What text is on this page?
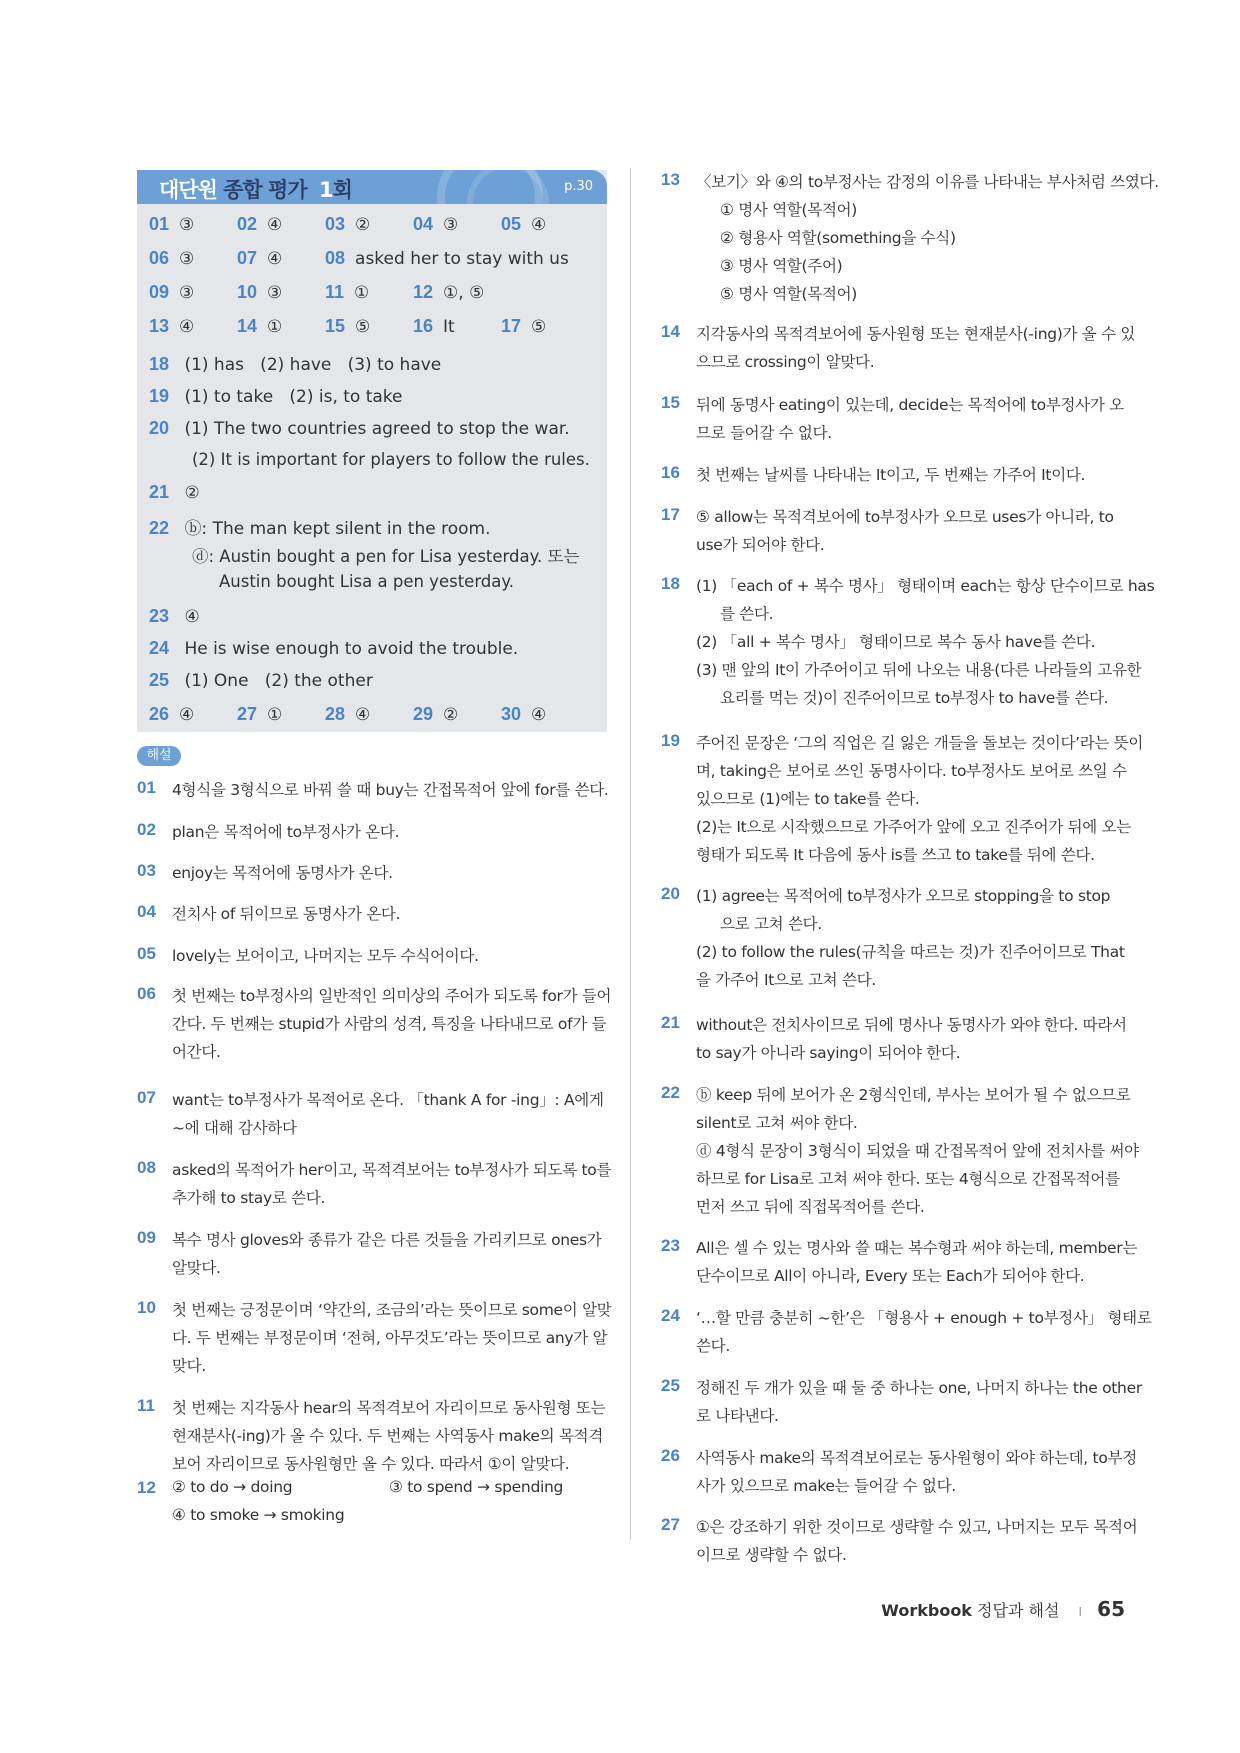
대단원 종합 평가 1회	p.30
18 (1) has   (2) have   (3) to have
19 (1) to take   (2) is, to take
20 (1) The two countries agreed to stop the war.
(2) It is important for players to follow the rules.
21 ②
22 ⓑ: The man kept silent in the room.
ⓓ: Austin bought a pen for Lisa yesterday. 또는
Austin bought Lisa a pen yesterday.
23 ④
24 He is wise enough to avoid the trouble.
25 (1) One   (2) the other
01 ③ 02 ④ 03 ② 04 ③ 05 ④
06 ③ 07 ④ 08 asked her to stay with us
09 ③ 10 ③ 11 ① 12 ①, ⑤
13 ④ 14 ① 15 ⑤ 16 It	17 ⑤
26 ④ 27 ① 28 ④ 29 ② 30 ④
해설
01 4형식을 3형식으로 바꿔 쓸 때 buy는 간접목적어 앞에 for를 쓴다.
02 plan은 목적어에 to부정사가 온다.
03 enjoy는 목적어에 동명사가 온다.
04 전치사 of 뒤이므로 동명사가 온다.
05 lovely는 보어이고, 나머지는 모두 수식어이다.
06 첫 번째는 to부정사의 일반적인 의미상의 주어가 되도록 for가 들어
간다. 두 번째는 stupid가 사람의 성격, 특징을 나타내므로 of가 들
어간다.
07 want는 to부정사가 목적어로 온다. 「thank A for -ing」: A에게
~에 대해 감사하다
08 asked의 목적어가 her이고, 목적격보어는 to부정사가 되도록 to를
추가해 to stay로 쓴다.
09 복수 명사 gloves와 종류가 같은 다른 것들을 가리키므로 ones가
알맞다.
10 첫 번째는 긍정문이며 ‘약간의, 조금의’라는 뜻이므로 some이 알맞
다. 두 번째는 부정문이며 ‘전혀, 아무것도’라는 뜻이므로 any가 알
맞다.
11 첫 번째는 지각동사 hear의 목적격보어 자리이므로 동사원형 또는
현재분사(-ing)가 올 수 있다. 두 번째는 사역동사 make의 목적격
보어 자리이므로 동사원형만 올 수 있다. 따라서 ①이 알맞다.
12 ② to do → doing	③ to spend → spending
④ to smoke → smoking
13 〈보기〉와 ④의 to부정사는 감정의 이유를 나타내는 부사처럼 쓰였다.
① 명사 역할(목적어)
② 형용사 역할(something을 수식)
③ 명사 역할(주어)
⑤ 명사 역할(목적어)
14 지각동사의 목적격보어에 동사원형 또는 현재분사(-ing)가 올 수 있
으므로 crossing이 알맞다.
15 뒤에 동명사 eating이 있는데, decide는 목적어에 to부정사가 오
므로 들어갈 수 없다.
16 첫 번째는 날씨를 나타내는 It이고, 두 번째는 가주어 It이다.
17 ⑤ allow는 목적격보어에 to부정사가 오므로 uses가 아니라, to
use가 되어야 한다.
18 (1) 「each of + 복수 명사」 형태이며 each는 항상 단수이므로 has
를 쓴다.
(2) 「all + 복수 명사」 형태이므로 복수 동사 have를 쓴다.
(3) 맨 앞의 It이 가주어이고 뒤에 나오는 내용(다른 나라들의 고유한
요리를 먹는 것)이 진주어이므로 to부정사 to have를 쓴다.
19 주어진 문장은 ‘그의 직업은 길 잃은 개들을 돌보는 것이다’라는 뜻이
며, taking은 보어로 쓰인 동명사이다. to부정사도 보어로 쓰일 수
있으므로 (1)에는 to take를 쓴다.
(2)는 It으로 시작했으므로 가주어가 앞에 오고 진주어가 뒤에 오는
형태가 되도록 It 다음에 동사 is를 쓰고 to take를 뒤에 쓴다.
20 (1) agree는 목적어에 to부정사가 오므로 stopping을 to stop
으로 고쳐 쓴다.
(2) to follow the rules(규칙을 따르는 것)가 진주어이므로 That
을 가주어 It으로 고쳐 쓴다.
21 without은 전치사이므로 뒤에 명사나 동명사가 와야 한다. 따라서
to say가 아니라 saying이 되어야 한다.
22 ⓑ keep 뒤에 보어가 온 2형식인데, 부사는 보어가 될 수 없으므로
silent로 고쳐 써야 한다.
ⓓ 4형식 문장이 3형식이 되었을 때 간접목적어 앞에 전치사를 써야
하므로 for Lisa로 고쳐 써야 한다. 또는 4형식으로 간접목적어를
먼저 쓰고 뒤에 직접목적어를 쓴다.
23 All은 셀 수 있는 명사와 쓸 때는 복수형과 써야 하는데, member는
단수이므로 All이 아니라, Every 또는 Each가 되어야 한다.
24 ‘…할 만큼 충분히 ~한’은 「형용사 + enough + to부정사」 형태로
쓴다.
25 정해진 두 개가 있을 때 둘 중 하나는 one, 나머지 하나는 the other
로 나타낸다.
26 사역동사 make의 목적격보어로는 동사원형이 와야 하는데, to부정
사가 있으므로 make는 들어갈 수 없다.
27 ①은 강조하기 위한 것이므로 생략할 수 있고, 나머지는 모두 목적어
이므로 생략할 수 없다.
Workbook 정답과 해설 I 65
